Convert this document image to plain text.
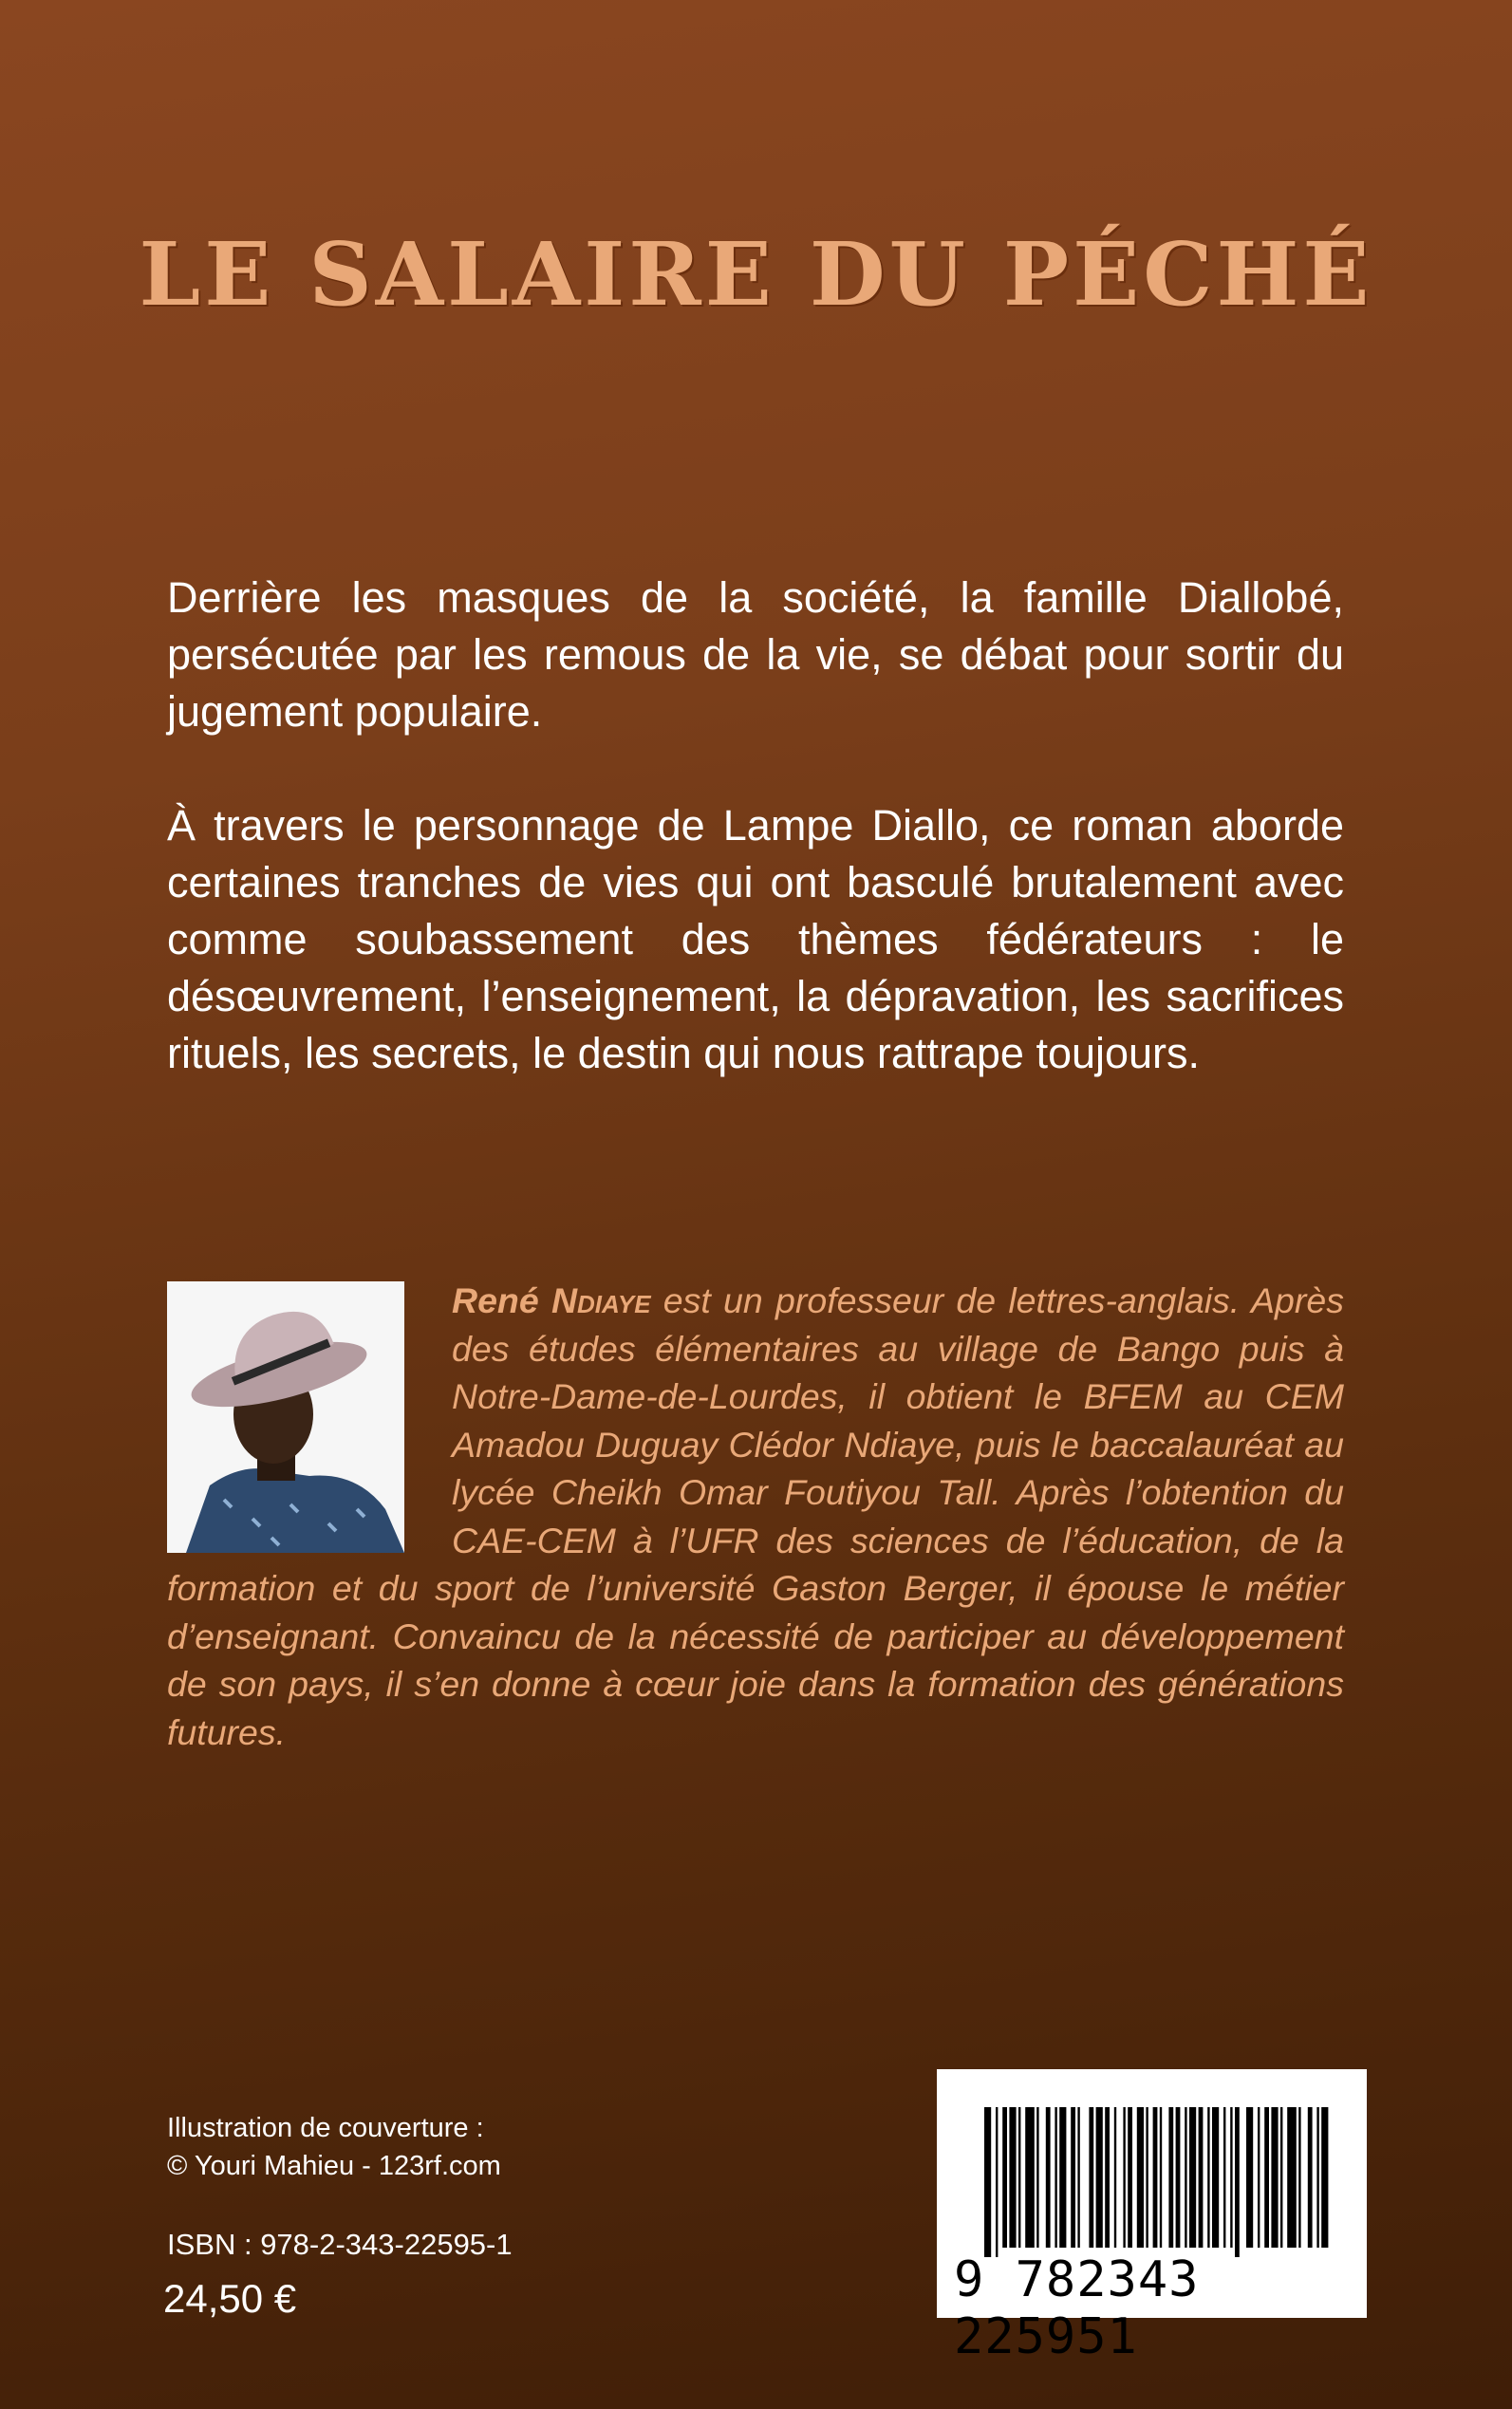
LE SALAIRE DU PÉCHÉ

Derrière les masques de la société, la famille Diallobé, persécutée par les remous de la vie, se débat pour sortir du jugement populaire.

À travers le personnage de Lampe Diallo, ce roman aborde certaines tranches de vies qui ont basculé brutalement avec comme soubassement des thèmes fédérateurs : le désœuvrement, l’enseignement, la dépravation, les sacrifices rituels, les secrets, le destin qui nous rattrape toujours.

René Ndiaye est un professeur de lettres-anglais. Après des études élémentaires au village de Bango puis à Notre-Dame-de-Lourdes, il obtient le BFEM au CEM Amadou Duguay Clédor Ndiaye, puis le baccalauréat au lycée Cheikh Omar Foutiyou Tall. Après l’obtention du CAE-CEM à l’UFR des sciences de l’éducation, de la formation et du sport de l’université Gaston Berger, il épouse le métier d’enseignant. Convaincu de la nécessité de participer au développement de son pays, il s’en donne à cœur joie dans la formation des générations futures.

Illustration de couverture :
© Youri Mahieu - 123rf.com
ISBN : 978-2-343-22595-1
24,50 €	9 782343 225951
